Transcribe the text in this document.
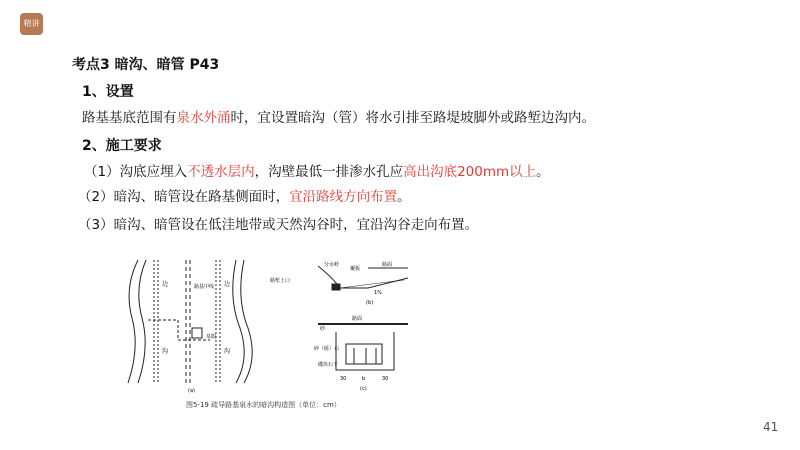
精讲
考点3 暗沟、暗管 P43
1、设置
路基基底范围有泉水外涌时，宜设置暗沟（管）将水引排至路堤坡脚外或路堑边沟内。
2、施工要求
（1）沟底应埋入不透水层内，沟壁最低一排渗水孔应高出沟底200mm以上。
（2）暗沟、暗管设在路基侧面时，宜沿路线方向布置。
（3）暗沟、暗管设在低洼地带或天然沟谷时，宜沿沟谷走向布置。
边
沟
边
沟
路基中线
泉眼
路堑上口
(a)
分水岭
覆板
路面
1%
(b)
砂
路面
碎（砾）石
碟块石干
30	b	30
(c)
图5-19 疏导路基泉水的暗沟构造图（单位：cm）
41
